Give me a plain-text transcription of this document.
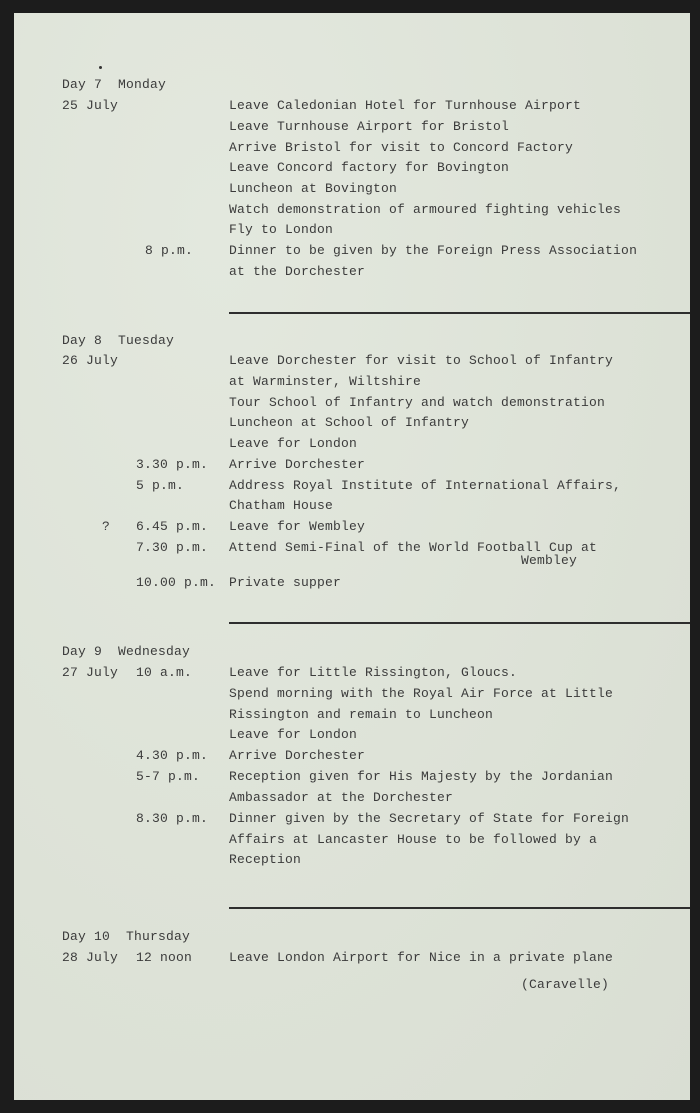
Day 7  Monday
25 July	Leave Caledonian Hotel for Turnhouse Airport
Leave Turnhouse Airport for Bristol
Arrive Bristol for visit to Concord Factory
Leave Concord factory for Bovington
Luncheon at Bovington
Watch demonstration of armoured fighting vehicles
Fly to London
8 p.m.	Dinner to be given by the Foreign Press Association
at the Dorchester
Day 8  Tuesday
26 July	Leave Dorchester for visit to School of Infantry
at Warminster, Wiltshire
Tour School of Infantry and watch demonstration
Luncheon at School of Infantry
Leave for London
3.30 p.m. Arrive Dorchester
5 p.m.	Address Royal Institute of International Affairs,
Chatham House
? 6.45 p.m. Leave for Wembley
7.30 p.m. Attend Semi-Final of the World Football Cup at
Wembley
10.00 p.m. Private supper
Day 9  Wednesday
27 July 10 a.m.	Leave for Little Rissington, Gloucs.
Spend morning with the Royal Air Force at Little
Rissington and remain to Luncheon
Leave for London
4.30 p.m. Arrive Dorchester
5-7 p.m. Reception given for His Majesty by the Jordanian
Ambassador at the Dorchester
8.30 p.m. Dinner given by the Secretary of State for Foreign
Affairs at Lancaster House to be followed by a
Reception
Day 10  Thursday
28 July 12 noon	Leave London Airport for Nice in a private plane
(Caravelle)
